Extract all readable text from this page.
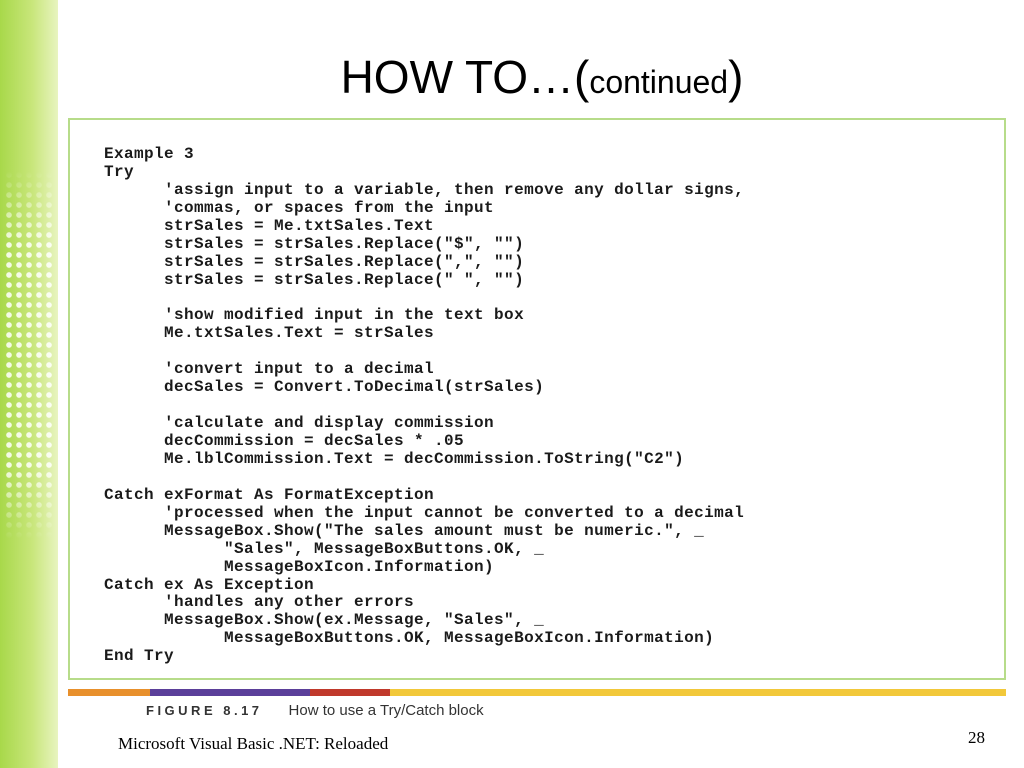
HOW TO…(continued)
Example 3
Try
'assign input to a variable, then remove any dollar signs,
'commas, or spaces from the input
strSales = Me.txtSales.Text
strSales = strSales.Replace("$", "")
strSales = strSales.Replace(",", "")
strSales = strSales.Replace(" ", "")
'show modified input in the text box
Me.txtSales.Text = strSales
'convert input to a decimal
decSales = Convert.ToDecimal(strSales)
'calculate and display commission
decCommission = decSales * .05
Me.lblCommission.Text = decCommission.ToString("C2")
Catch exFormat As FormatException
'processed when the input cannot be converted to a decimal
MessageBox.Show("The sales amount must be numeric.", _
"Sales", MessageBoxButtons.OK, _
MessageBoxIcon.Information)
Catch ex As Exception
'handles any other errors
MessageBox.Show(ex.Message, "Sales", _
MessageBoxButtons.OK, MessageBoxIcon.Information)
End Try
FIGURE 8.17 How to use a Try/Catch block
Microsoft Visual Basic .NET: Reloaded	28
